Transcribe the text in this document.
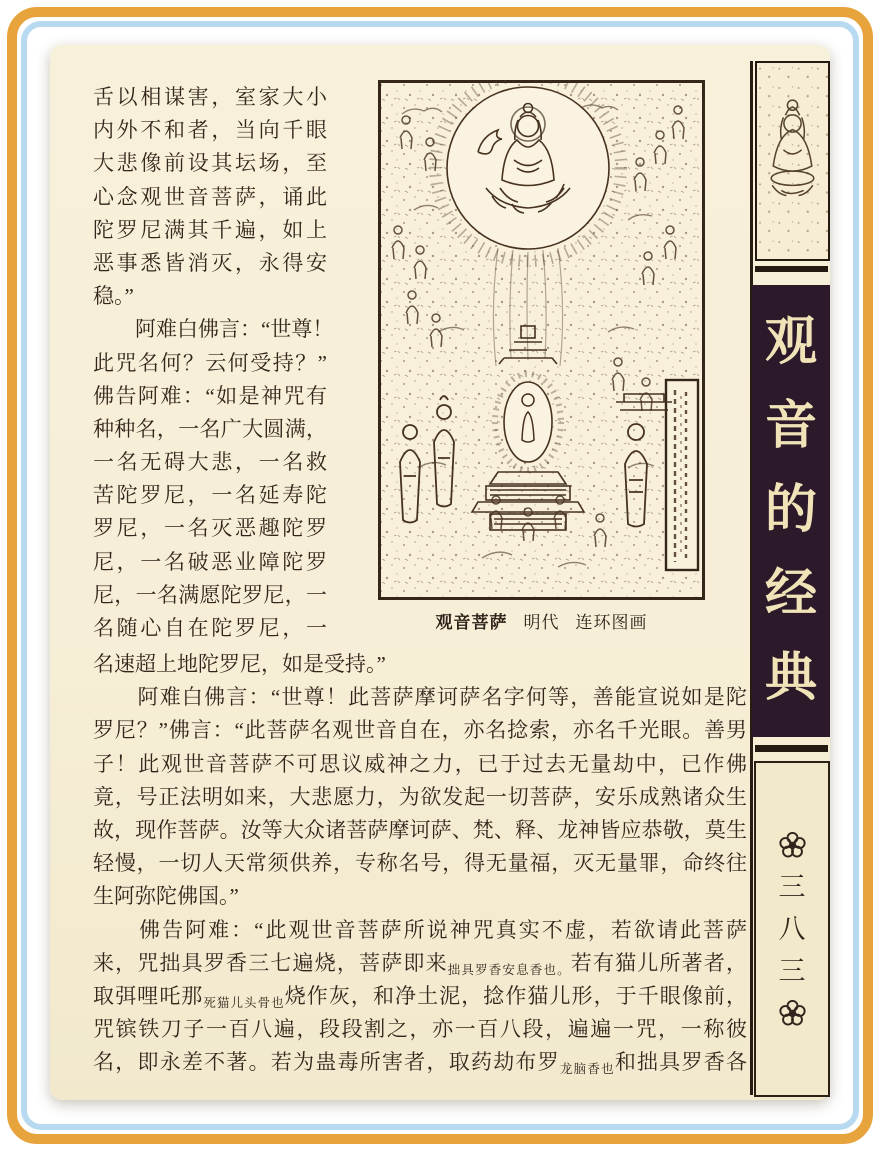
舌以相谋害，室家大小
内外不和者，当向千眼
大悲像前设其坛场，至
心念观世音菩萨，诵此
陀罗尼满其千遍，如上
恶事悉皆消灭，永得安
稳。”
　　阿难白佛言：“世尊！
此咒名何？云何受持？”
佛告阿难：“如是神咒有
种种名，一名广大圆满，
一名无碍大悲，一名救
苦陀罗尼，一名延寿陀
罗尼，一名灭恶趣陀罗
尼，一名破恶业障陀罗
尼，一名满愿陀罗尼，一
名随心自在陀罗尼，一	观音菩萨 明代 连环图画
名速超上地陀罗尼，如是受持。”
　　阿难白佛言：“世尊！此菩萨摩诃萨名字何等，善能宣说如是陀
罗尼？”佛言：“此菩萨名观世音自在，亦名捻索，亦名千光眼。善男
子！此观世音菩萨不可思议威神之力，已于过去无量劫中，已作佛
竟，号正法明如来，大悲愿力，为欲发起一切菩萨，安乐成熟诸众生
故，现作菩萨。汝等大众诸菩萨摩诃萨、梵、释、龙神皆应恭敬，莫生
轻慢，一切人天常须供养，专称名号，得无量福，灭无量罪，命终往
生阿弥陀佛国。”
　　佛告阿难：“此观世音菩萨所说神咒真实不虚，若欲请此菩萨
来，咒拙具罗香三七遍烧，菩萨即来拙具罗香安息香也。若有猫儿所著者，
取弭哩吒那死猫儿头骨也烧作灰，和净土泥，捻作猫儿形，于千眼像前，
咒镔铁刀子一百八遍，段段割之，亦一百八段，遍遍一咒，一称彼
名，即永差不著。若为蛊毒所害者，取药劫布罗龙脑香也和拙具罗香各
观
音
的
经
典
三
八
三
